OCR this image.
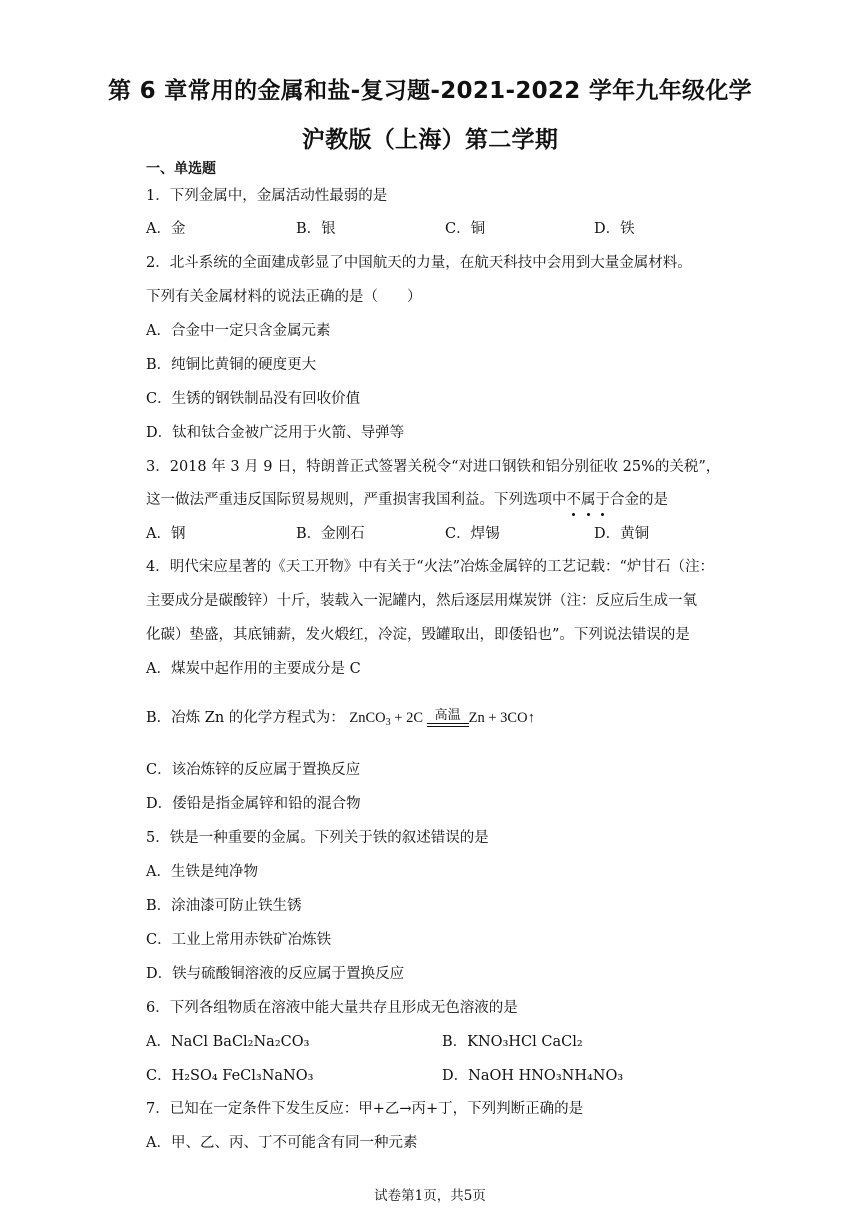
第 6 章常用的金属和盐-复习题-2021-2022 学年九年级化学
沪教版（上海）第二学期
一、单选题
1．下列金属中，金属活动性最弱的是
A．金	B．银	C．铜	D．铁
2．北斗系统的全面建成彰显了中国航天的力量，在航天科技中会用到大量金属材料。
下列有关金属材料的说法正确的是（　　）
A．合金中一定只含金属元素
B．纯铜比黄铜的硬度更大
C．生锈的钢铁制品没有回收价值
D．钛和钛合金被广泛用于火箭、导弹等
3．2018 年 3 月 9 日，特朗普正式签署关税令“对进口钢铁和铝分别征收 25%的关税”，
这一做法严重违反国际贸易规则，严重损害我国利益。下列选项中不属于合金的是
A．钢	B．金刚石	C．焊锡	D．黄铜
4．明代宋应星著的《天工开物》中有关于“火法”冶炼金属锌的工艺记载：“炉甘石（注：
主要成分是碳酸锌）十斤，装载入一泥罐内，然后逐层用煤炭饼（注：反应后生成一氧
化碳）垫盛，其底铺薪，发火煅红，冷淀，毁罐取出，即倭铅也”。下列说法错误的是
A．煤炭中起作用的主要成分是 C
B．冶炼 Zn 的化学方程式为： ZnCO$_3$ + 2C 高温 Zn + 3CO↑
C．该冶炼锌的反应属于置换反应
D．倭铅是指金属锌和铅的混合物
5．铁是一种重要的金属。下列关于铁的叙述错误的是
A．生铁是纯净物
B．涂油漆可防止铁生锈
C．工业上常用赤铁矿冶炼铁
D．铁与硫酸铜溶液的反应属于置换反应
6．下列各组物质在溶液中能大量共存且形成无色溶液的是
A．NaCl BaCl₂Na₂CO₃	B．KNO₃HCl CaCl₂
C．H₂SO₄ FeCl₃NaNO₃	D．NaOH HNO₃NH₄NO₃
7．已知在一定条件下发生反应：甲+乙→丙+丁，下列判断正确的是
A．甲、乙、丙、丁不可能含有同一种元素
试卷第1页，共5页
